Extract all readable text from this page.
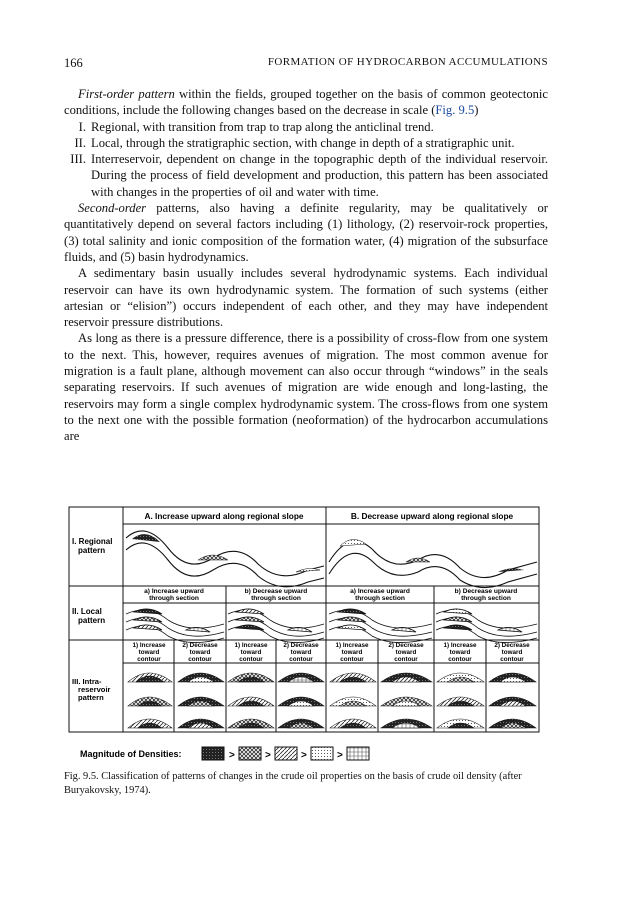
166	FORMATION OF HYDROCARBON ACCUMULATIONS

First-order pattern within the fields, grouped together on the basis of common geotectonic conditions, include the following changes based on the decrease in scale (Fig. 9.5)

I. Regional, with transition from trap to trap along the anticlinal trend.
II. Local, through the stratigraphic section, with change in depth of a stratigraphic unit.
III. Interreservoir, dependent on change in the topographic depth of the individual reservoir. During the process of field development and production, this pattern has been associated with changes in the properties of oil and water with time.

Second-order patterns, also having a definite regularity, may be qualitatively or quantitatively depend on several factors including (1) lithology, (2) reservoir-rock properties, (3) total salinity and ionic composition of the formation water, (4) migration of the subsurface fluids, and (5) basin hydrodynamics.

A sedimentary basin usually includes several hydrodynamic systems. Each individual reservoir can have its own hydrodynamic system. The formation of such systems (either artesian or “elision”) occurs independent of each other, and they may have independent reservoir pressure distributions.

As long as there is a pressure difference, there is a possibility of cross-flow from one system to the next. This, however, requires avenues of migration. The most common avenue for migration is a fault plane, although movement can also occur through “windows” in the seals separating reservoirs. If such avenues of migration are wide enough and long-lasting, the reservoirs may form a single complex hydrodynamic system. The cross-flows from one system to the next one with the possible formation (neoformation) of the hydrocarbon accumulations are

A. Increase upward along regional slope	B. Decrease upward along regional slope
I. Regional pattern
II. Local pattern
III. Intra-reservoir pattern
a) Increase upward through section
b) Decrease upward through section
a) Increase upward through section
b) Decrease upward through section
1) Increase toward contour
2) Decrease toward contour
1) Increase toward contour
2) Decrease toward contour
1) Increase toward contour
2) Decrease toward contour
1) Increase toward contour
2) Decrease toward contour
Magnitude of Densities:	>	>	>	>
Fig. 9.5. Classification of patterns of changes in the crude oil properties on the basis of crude oil density (after Buryakovsky, 1974).
